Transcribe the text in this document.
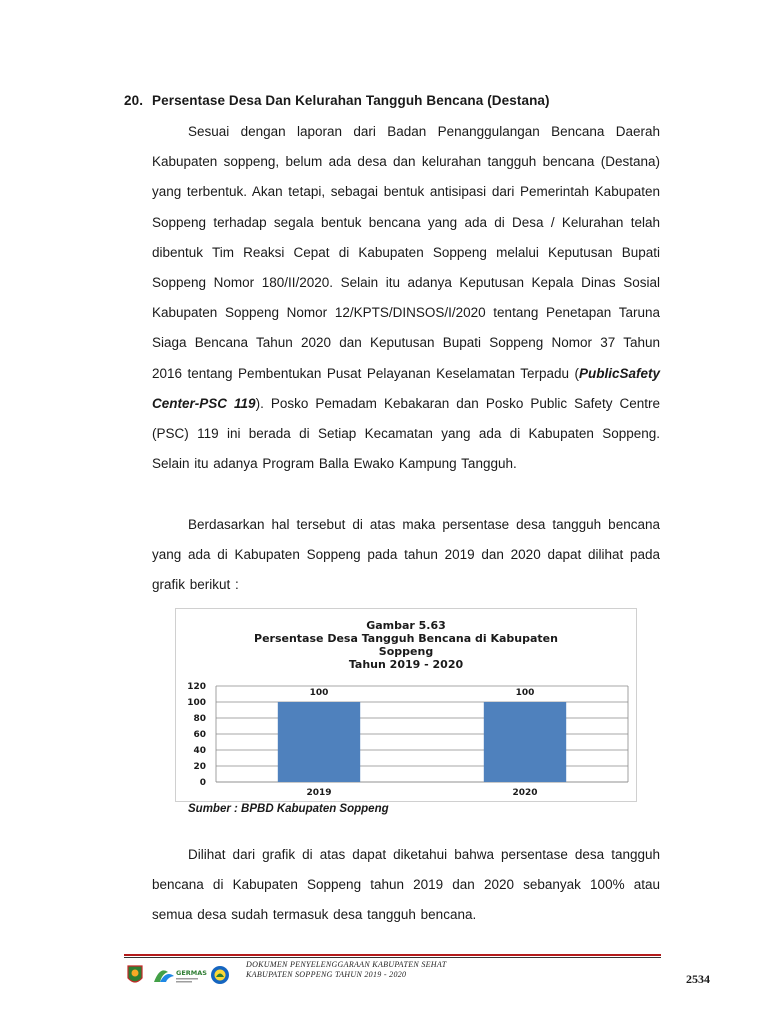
20. Persentase Desa Dan Kelurahan Tangguh Bencana (Destana)

Sesuai dengan laporan dari Badan Penanggulangan Bencana Daerah Kabupaten soppeng, belum ada desa dan kelurahan tangguh bencana (Destana) yang terbentuk. Akan tetapi, sebagai bentuk antisipasi dari Pemerintah Kabupaten Soppeng terhadap segala bentuk bencana yang ada di Desa / Kelurahan telah dibentuk Tim Reaksi Cepat di Kabupaten Soppeng melalui Keputusan Bupati Soppeng Nomor 180/II/2020. Selain itu adanya Keputusan Kepala Dinas Sosial Kabupaten Soppeng Nomor 12/KPTS/DINSOS/I/2020 tentang Penetapan Taruna Siaga Bencana Tahun 2020 dan Keputusan Bupati Soppeng Nomor 37 Tahun 2016 tentang Pembentukan Pusat Pelayanan Keselamatan Terpadu (PublicSafety Center-PSC 119). Posko Pemadam Kebakaran dan Posko Public Safety Centre (PSC) 119 ini berada di Setiap Kecamatan yang ada di Kabupaten Soppeng. Selain itu adanya Program Balla Ewako Kampung Tangguh.

Berdasarkan hal tersebut di atas maka persentase desa tangguh bencana yang ada di Kabupaten Soppeng pada tahun 2019 dan 2020 dapat dilihat pada grafik berikut :

0
20
40
60
80
100
120
100
2019
100
2020
Gambar 5.63
Persentase Desa Tangguh Bencana di Kabupaten
Soppeng
Tahun 2019 - 2020
Sumber : BPBD Kabupaten Soppeng

Dilihat dari grafik di atas dapat diketahui bahwa persentase desa tangguh bencana di Kabupaten Soppeng tahun 2019 dan 2020 sebanyak 100% atau semua desa sudah termasuk desa tangguh bencana.

GERMAS
DOKUMEN PENYELENGGARAAN KABUPATEN SEHAT
KABUPATEN SOPPENG TAHUN 2019 - 2020	2534
